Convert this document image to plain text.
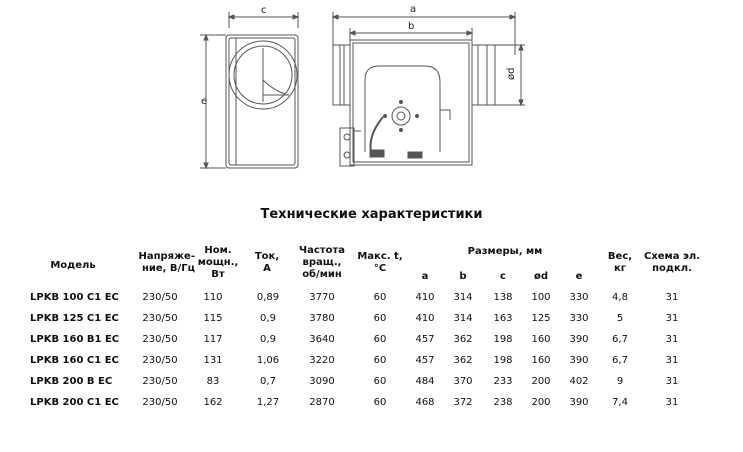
c
e
a
b
ød
Технические характеристики
Модель
Напряже-
ние, В/Гц
Ном.
мощн.,
Вт
Ток,
А
Частота
вращ.,
об/мин
Макс. t,
°С
Размеры, мм
a	b	c	ød	e
Вес,
кг
Схема эл.
подкл.
LPKB 100 C1 EC 230/50	110	0,89	3770	60	410	314	138	100	330	4,8	31
LPKB 125 C1 EC 230/50	115	0,9	3780	60	410	314	163	125	330	5	31
LPKB 160 B1 EC 230/50	117	0,9	3640	60	457	362	198	160	390	6,7	31
LPKB 160 C1 EC 230/50	131	1,06	3220	60	457	362	198	160	390	6,7	31
LPKB 200 B EC	230/50	83	0,7	3090	60	484	370	233	200	402	9	31
LPKB 200 C1 EC 230/50	162	1,27	2870	60	468	372	238	200	390	7,4	31
